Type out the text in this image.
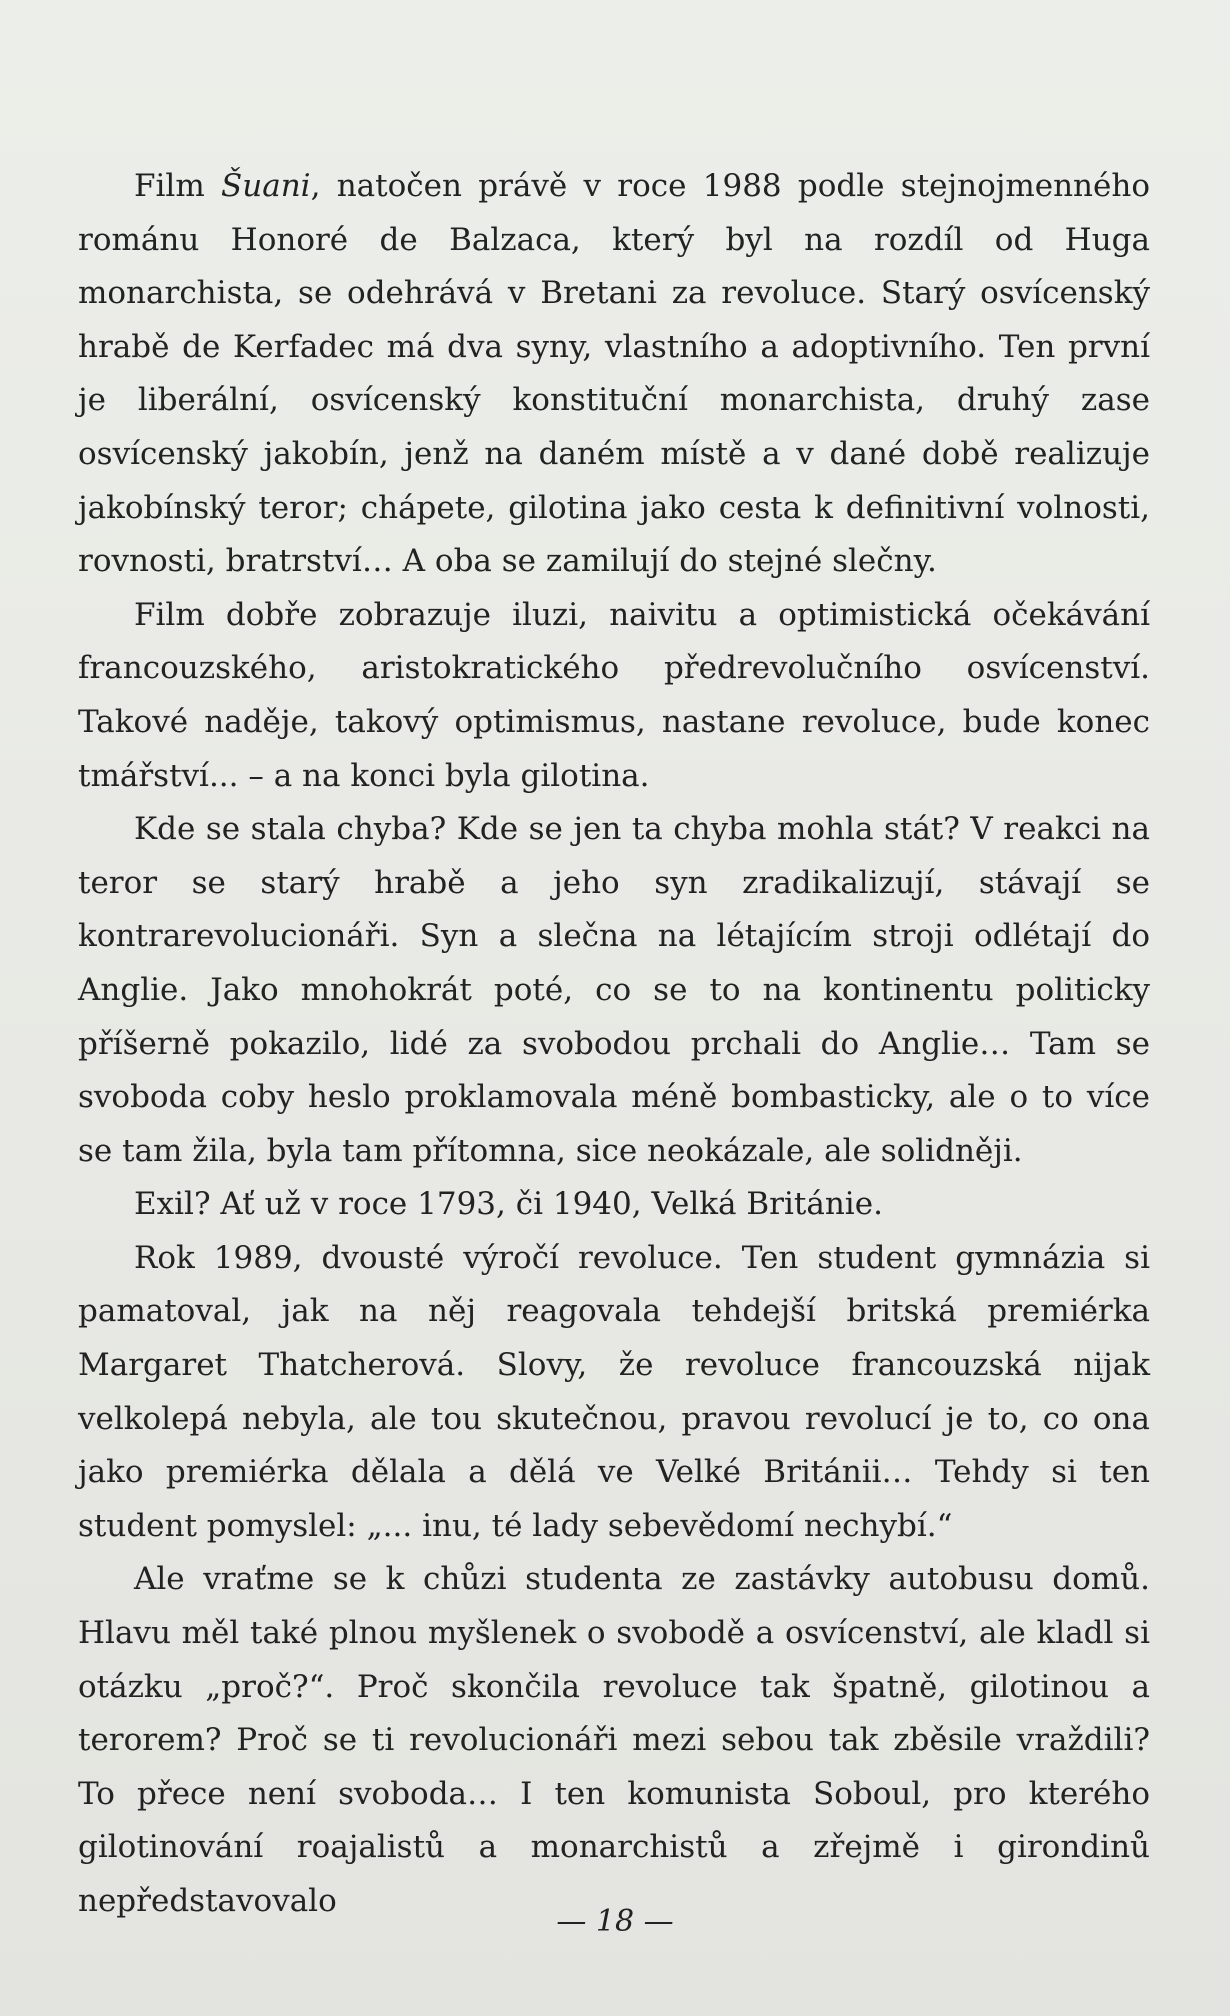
Film Šuani, natočen právě v roce 1988 podle stejnojmenného románu Honoré de Balzaca, který byl na rozdíl od Huga monarchista, se odehrává v Bretani za revoluce. Starý osvícenský hrabě de Kerfadec má dva syny, vlastního a adoptivního. Ten první je liberální, osvícenský konstituční monarchista, druhý zase osvícenský jakobín, jenž na daném místě a v dané době realizuje jakobínský teror; chápete, gilotina jako cesta k definitivní volnosti, rovnosti, bratrství… A oba se zamilují do stejné slečny.

Film dobře zobrazuje iluzi, naivitu a optimistická očekávání francouzského, aristokratického předrevolučního osvícenství. Takové naděje, takový optimismus, nastane revoluce, bude konec tmářství... – a na konci byla gilotina.

Kde se stala chyba? Kde se jen ta chyba mohla stát? V reakci na teror se starý hrabě a jeho syn zradikalizují, stávají se kontrarevolucionáři. Syn a slečna na létajícím stroji odlétají do Anglie. Jako mnohokrát poté, co se to na kontinentu politicky příšerně pokazilo, lidé za svobodou prchali do Anglie… Tam se svoboda coby heslo proklamovala méně bombasticky, ale o to více se tam žila, byla tam přítomna, sice neokázale, ale solidněji.

Exil? Ať už v roce 1793, či 1940, Velká Británie.

Rok 1989, dvousté výročí revoluce. Ten student gymnázia si pamatoval, jak na něj reagovala tehdejší britská premiérka Margaret Thatcherová. Slovy, že revoluce francouzská nijak velkolepá nebyla, ale tou skutečnou, pravou revolucí je to, co ona jako premiérka dělala a dělá ve Velké Británii… Tehdy si ten student pomyslel: „... inu, té lady sebevědomí nechybí.“

Ale vraťme se k chůzi studenta ze zastávky autobusu domů. Hlavu měl také plnou myšlenek o svobodě a osvícenství, ale kladl si otázku „proč?“. Proč skončila revoluce tak špatně, gilotinou a terorem? Proč se ti revolucionáři mezi sebou tak zběsile vraždili? To přece není svoboda… I ten komunista Soboul, pro kterého gilotinování roajalistů a monarchistů a zřejmě i girondinů nepředstavovalo

— 18 —
